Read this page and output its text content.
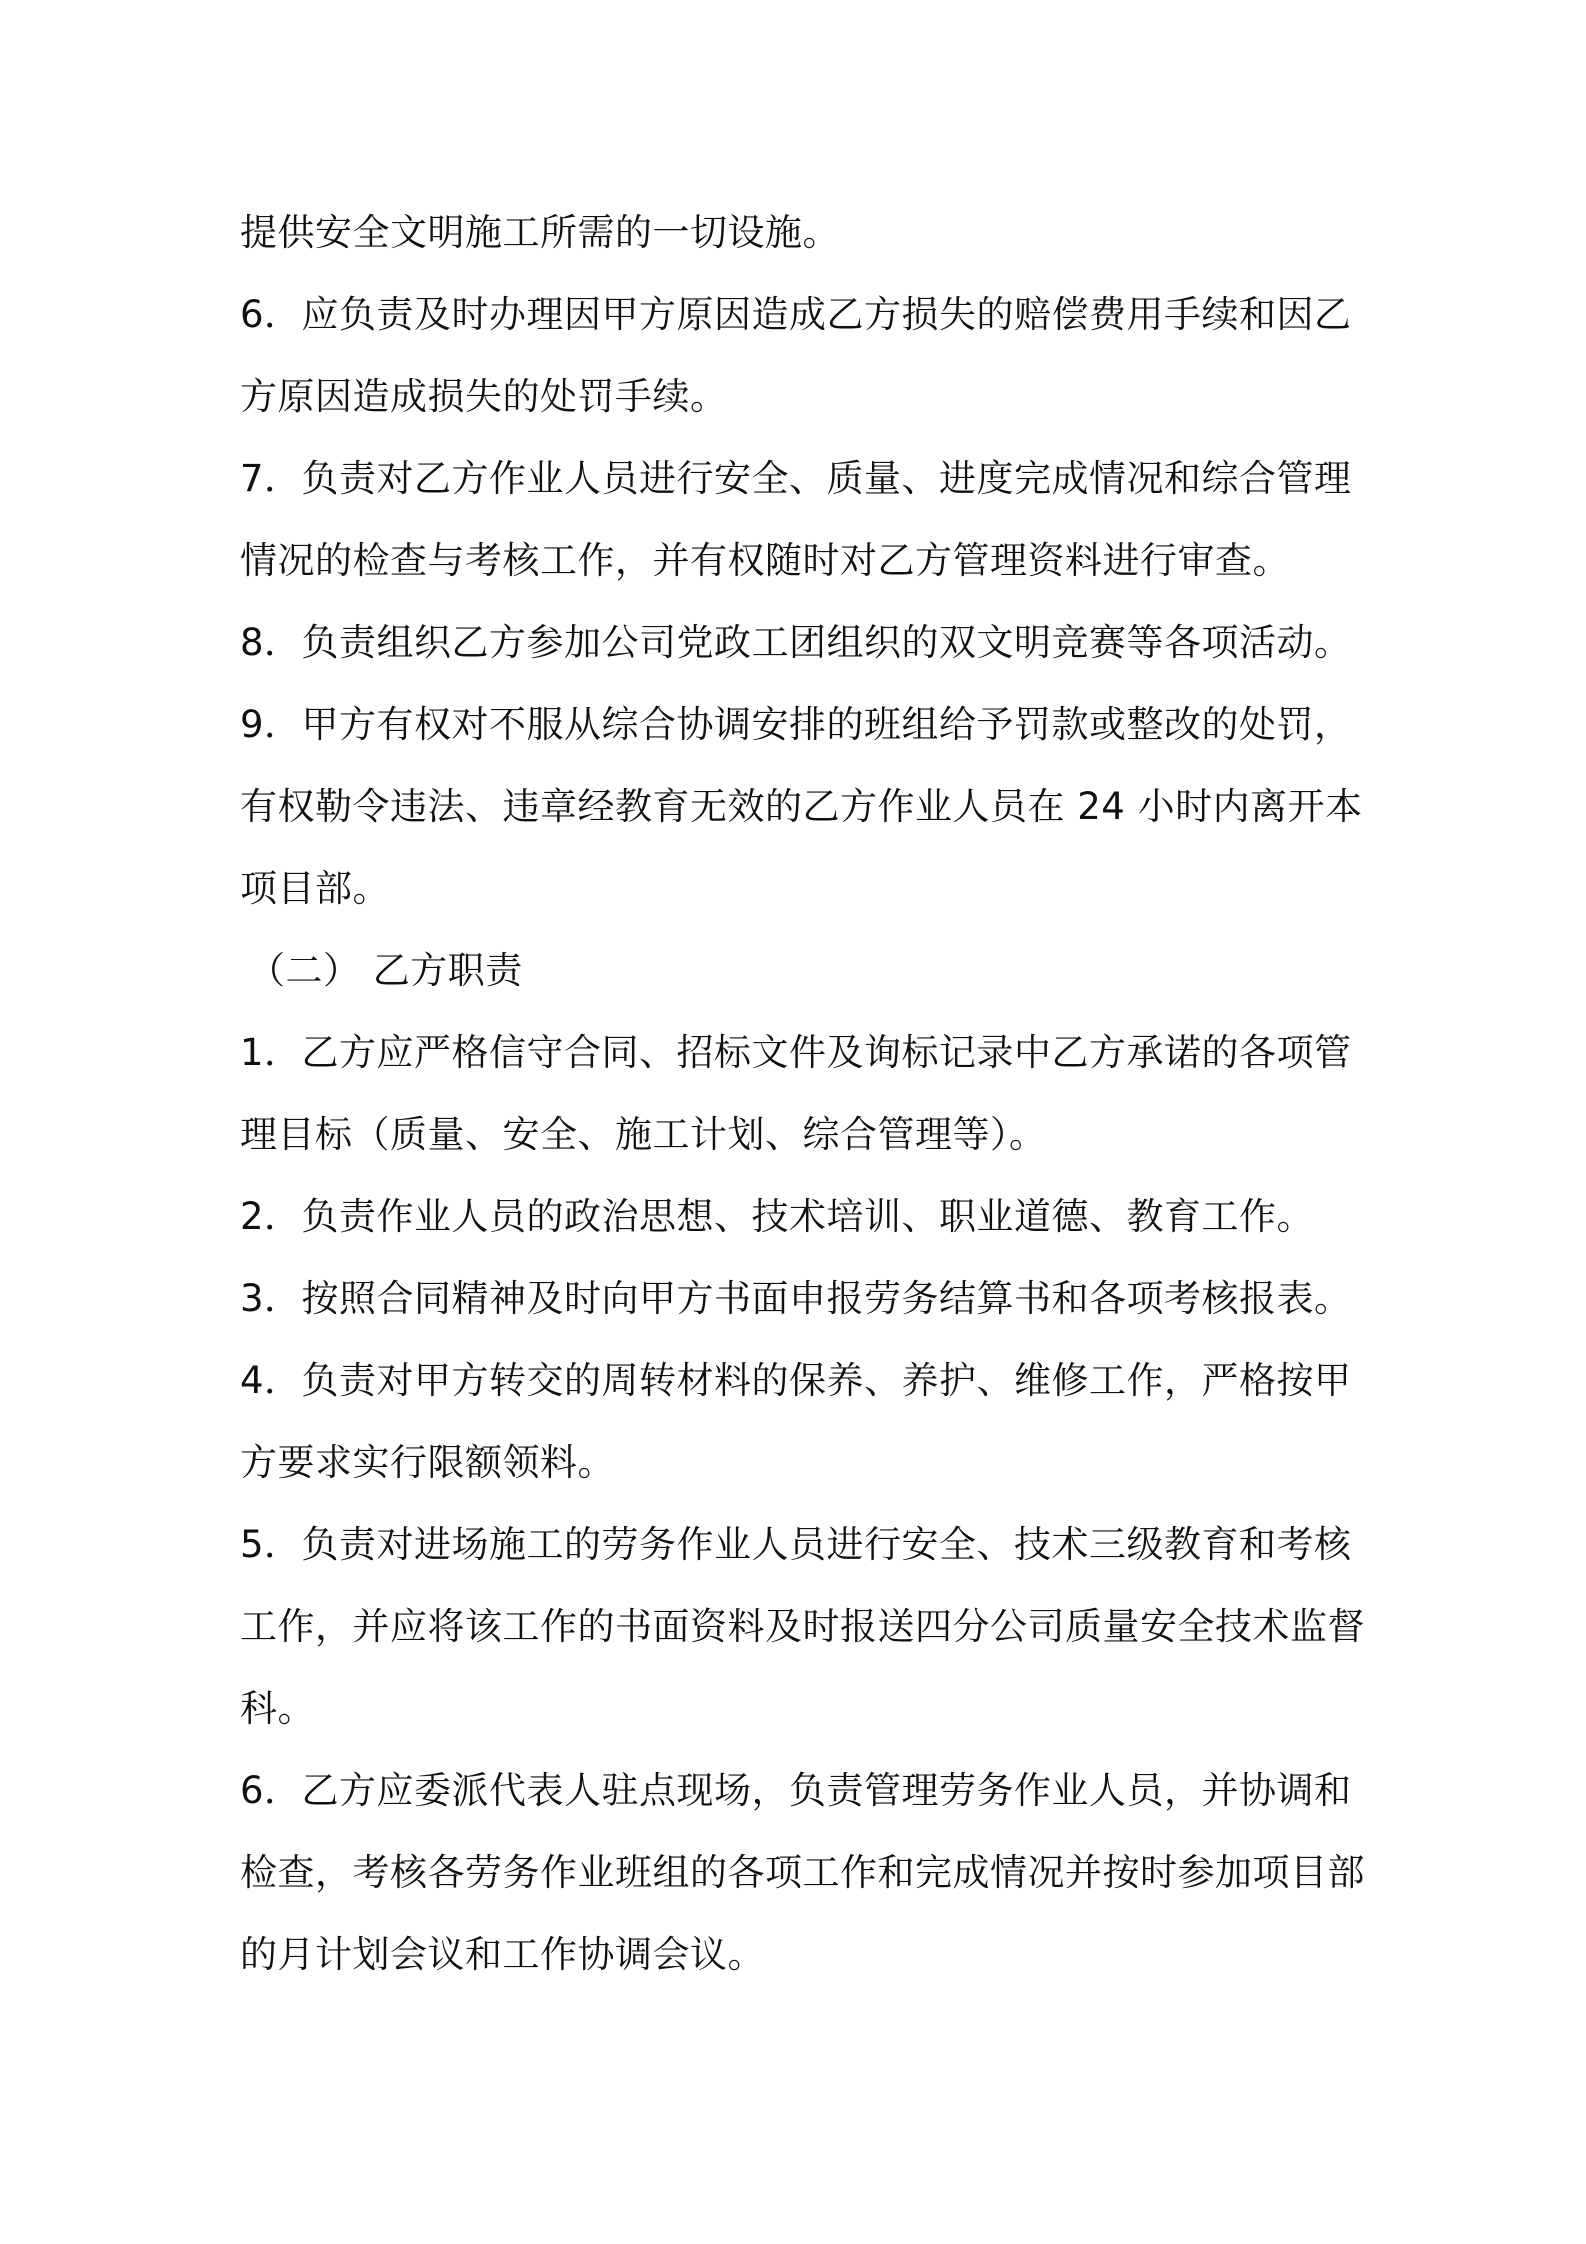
提供安全文明施工所需的一切设施。
6．应负责及时办理因甲方原因造成乙方损失的赔偿费用手续和因乙
方原因造成损失的处罚手续。
7．负责对乙方作业人员进行安全、质量、进度完成情况和综合管理
情况的检查与考核工作，并有权随时对乙方管理资料进行审查。
8．负责组织乙方参加公司党政工团组织的双文明竞赛等各项活动。
9．甲方有权对不服从综合协调安排的班组给予罚款或整改的处罚，
有权勒令违法、违章经教育无效的乙方作业人员在 24 小时内离开本
项目部。
（二） 乙方职责
1．乙方应严格信守合同、招标文件及询标记录中乙方承诺的各项管
理目标（质量、安全、施工计划、综合管理等）。
2．负责作业人员的政治思想、技术培训、职业道德、教育工作。
3．按照合同精神及时向甲方书面申报劳务结算书和各项考核报表。
4．负责对甲方转交的周转材料的保养、养护、维修工作，严格按甲
方要求实行限额领料。
5．负责对进场施工的劳务作业人员进行安全、技术三级教育和考核
工作，并应将该工作的书面资料及时报送四分公司质量安全技术监督
科。
6．乙方应委派代表人驻点现场，负责管理劳务作业人员，并协调和
检查，考核各劳务作业班组的各项工作和完成情况并按时参加项目部
的月计划会议和工作协调会议。
